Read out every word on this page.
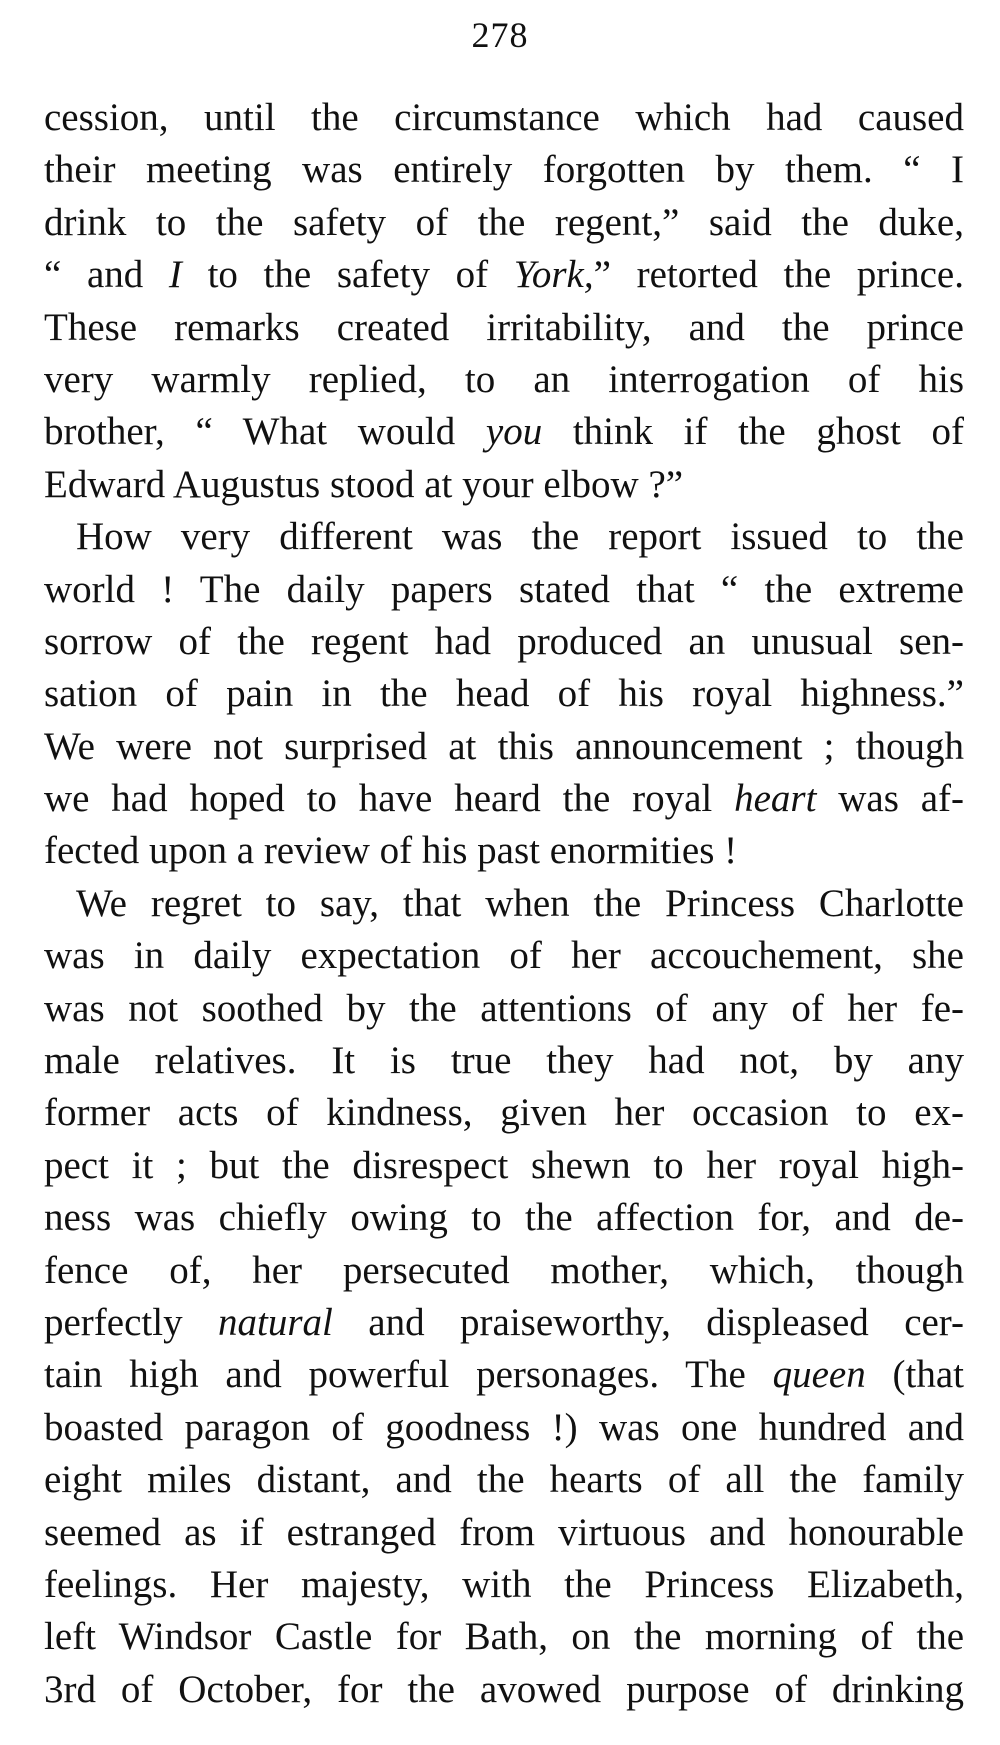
278
cession, until the circumstance which had caused
their meeting was entirely forgotten by them. “ I
drink to the safety of the regent,” said the duke,
“ and I to the safety of York,” retorted the prince.
These remarks created irritability, and the prince
very warmly replied, to an interrogation of his
brother, “ What would you think if the ghost of
Edward Augustus stood at your elbow ?”
How very different was the report issued to the
world ! The daily papers stated that “ the extreme
sorrow of the regent had produced an unusual sen-
sation of pain in the head of his royal highness.”
We were not surprised at this announcement ; though
we had hoped to have heard the royal heart was af-
fected upon a review of his past enormities !
We regret to say, that when the Princess Charlotte
was in daily expectation of her accouchement, she
was not soothed by the attentions of any of her fe-
male relatives. It is true they had not, by any
former acts of kindness, given her occasion to ex-
pect it ; but the disrespect shewn to her royal high-
ness was chiefly owing to the affection for, and de-
fence of, her persecuted mother, which, though
perfectly natural and praiseworthy, displeased cer-
tain high and powerful personages. The queen (that
boasted paragon of goodness !) was one hundred and
eight miles distant, and the hearts of all the family
seemed as if estranged from virtuous and honourable
feelings. Her majesty, with the Princess Elizabeth,
left Windsor Castle for Bath, on the morning of the
3rd of October, for the avowed purpose of drinking
